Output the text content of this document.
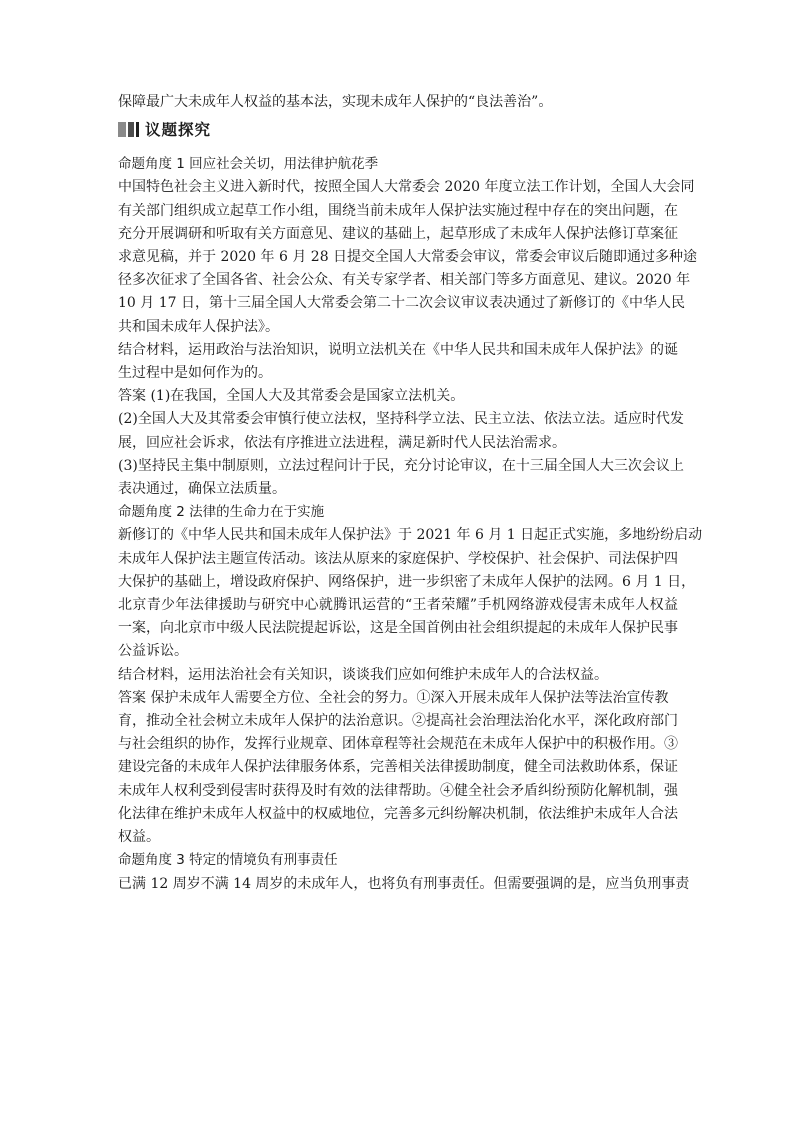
保障最广大未成年人权益的基本法，实现未成年人保护的“良法善治”。

议题探究

命题角度 1 回应社会关切，用法律护航花季

中国特色社会主义进入新时代，按照全国人大常委会 2020 年度立法工作计划，全国人大会同

有关部门组织成立起草工作小组，围绕当前未成年人保护法实施过程中存在的突出问题，在

充分开展调研和听取有关方面意见、建议的基础上，起草形成了未成年人保护法修订草案征

求意见稿，并于 2020 年 6 月 28 日提交全国人大常委会审议，常委会审议后随即通过多种途

径多次征求了全国各省、社会公众、有关专家学者、相关部门等多方面意见、建议。2020 年

10 月 17 日，第十三届全国人大常委会第二十二次会议审议表决通过了新修订的《中华人民

共和国未成年人保护法》。

结合材料，运用政治与法治知识，说明立法机关在《中华人民共和国未成年人保护法》的诞

生过程中是如何作为的。

答案 (1)在我国，全国人大及其常委会是国家立法机关。

(2)全国人大及其常委会审慎行使立法权，坚持科学立法、民主立法、依法立法。适应时代发

展，回应社会诉求，依法有序推进立法进程，满足新时代人民法治需求。

(3)坚持民主集中制原则，立法过程问计于民，充分讨论审议，在十三届全国人大三次会议上

表决通过，确保立法质量。

命题角度 2 法律的生命力在于实施

新修订的《中华人民共和国未成年人保护法》于 2021 年 6 月 1 日起正式实施，多地纷纷启动

未成年人保护法主题宣传活动。该法从原来的家庭保护、学校保护、社会保护、司法保护四

大保护的基础上，增设政府保护、网络保护，进一步织密了未成年人保护的法网。6 月 1 日，

北京青少年法律援助与研究中心就腾讯运营的“王者荣耀”手机网络游戏侵害未成年人权益

一案，向北京市中级人民法院提起诉讼，这是全国首例由社会组织提起的未成年人保护民事

公益诉讼。

结合材料，运用法治社会有关知识，谈谈我们应如何维护未成年人的合法权益。

答案 保护未成年人需要全方位、全社会的努力。①深入开展未成年人保护法等法治宣传教

育，推动全社会树立未成年人保护的法治意识。②提高社会治理法治化水平，深化政府部门

与社会组织的协作，发挥行业规章、团体章程等社会规范在未成年人保护中的积极作用。③

建设完备的未成年人保护法律服务体系，完善相关法律援助制度，健全司法救助体系，保证

未成年人权利受到侵害时获得及时有效的法律帮助。④健全社会矛盾纠纷预防化解机制，强

化法律在维护未成年人权益中的权威地位，完善多元纠纷解决机制，依法维护未成年人合法

权益。

命题角度 3 特定的情境负有刑事责任

已满 12 周岁不满 14 周岁的未成年人，也将负有刑事责任。但需要强调的是，应当负刑事责
